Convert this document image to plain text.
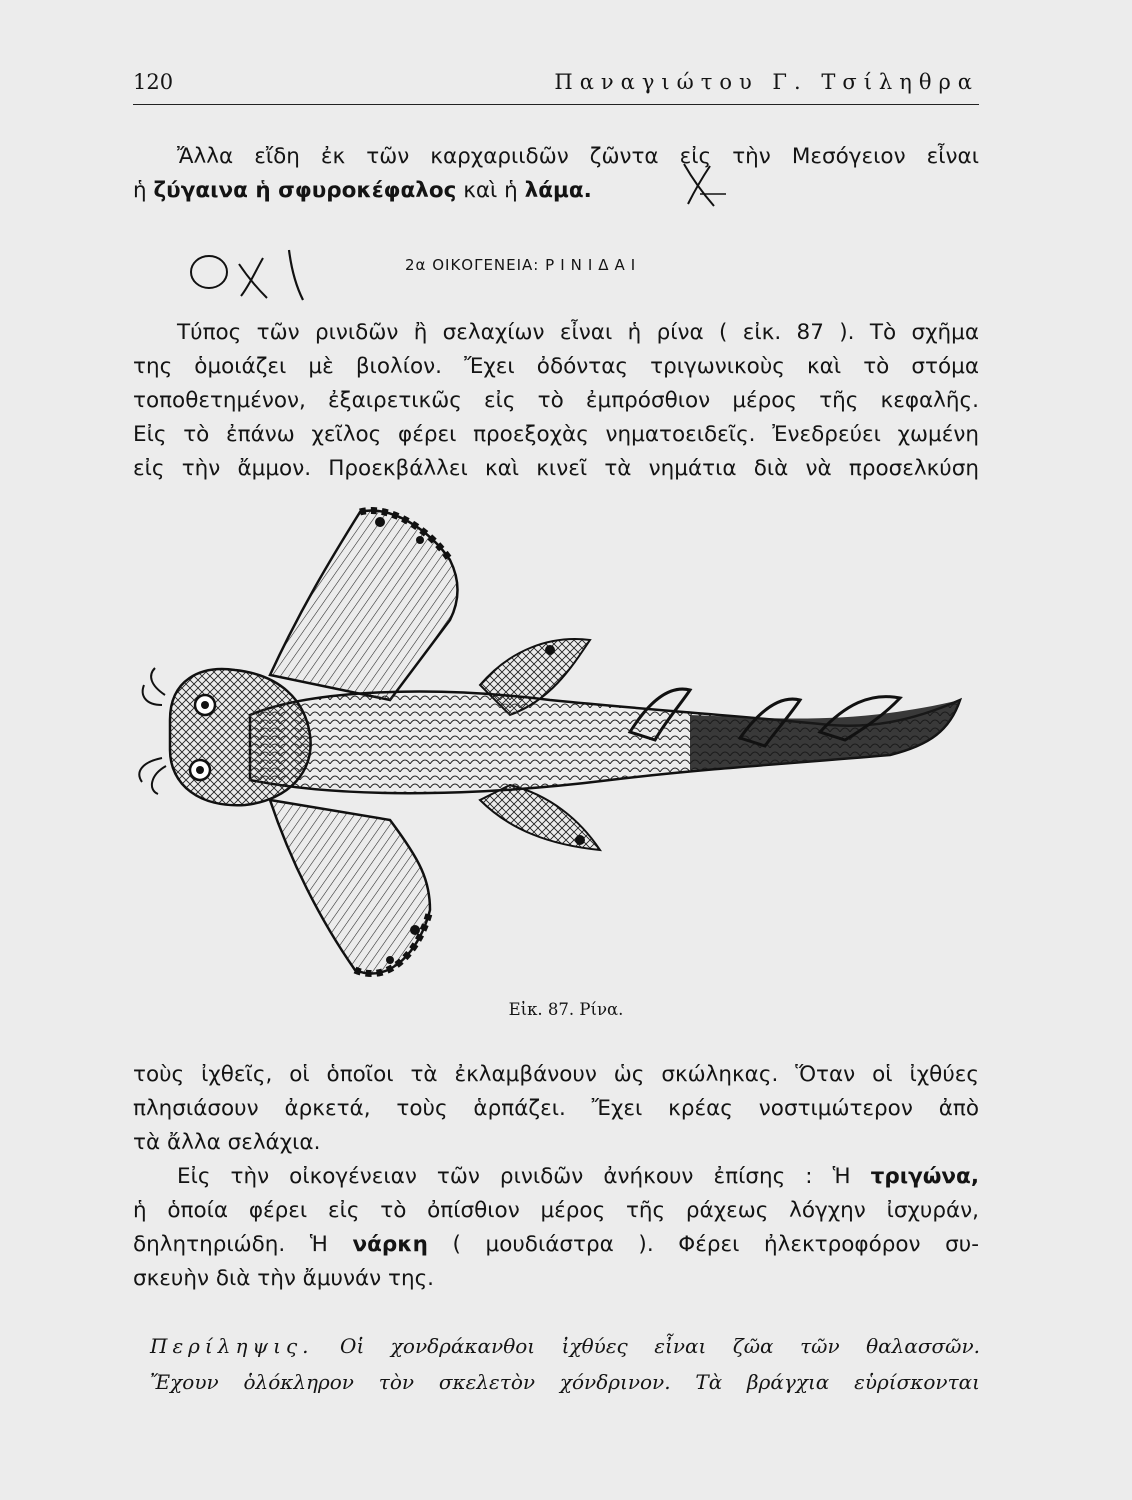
120	Παναγιώτου Γ. Τσίληθρα
Ἄλλα εἴδη ἐκ τῶν καρχαριιδῶν ζῶντα εἰς τὴν Μεσόγειον εἶναι
ἡ ζύγαινα ἡ σφυροκέφαλος καὶ ἡ λάμα.
2α ΟΙΚΟΓΕΝΕΙΑ: ΡΙΝΙΔΑΙ
Τύπος τῶν ρινιδῶν ἢ σελαχίων εἶναι ἡ ρίνα ( εἰκ. 87 ). Τὸ σχῆμα
της ὁμοιάζει μὲ βιολίον. Ἔχει ὀδόντας τριγωνικοὺς καὶ τὸ στόμα
τοποθετημένον, ἐξαιρετικῶς εἰς τὸ ἐμπρόσθιον μέρος τῆς κεφαλῆς.
Εἰς τὸ ἐπάνω χεῖλος φέρει προεξοχὰς νηματοειδεῖς. Ἐνεδρεύει χωμένη
εἰς τὴν ἄμμον. Προεκβάλλει καὶ κινεῖ τὰ νημάτια διὰ νὰ προσελκύση
Εἰκ. 87. Ρίνα.
τοὺς ἰχθεῖς, οἱ ὁποῖοι τὰ ἐκλαμβάνουν ὡς σκώληκας. Ὅταν οἱ ἰχθύες
πλησιάσουν ἀρκετά, τοὺς ἁρπάζει. Ἔχει κρέας νοστιμώτερον ἀπὸ
τὰ ἄλλα σελάχια.
Εἰς τὴν οἰκογένειαν τῶν ρινιδῶν ἀνήκουν ἐπίσης : Ἡ τριγώνα,
ἡ ὁποία φέρει εἰς τὸ ὀπίσθιον μέρος τῆς ράχεως λόγχην ἰσχυράν,
δηλητηριώδη. Ἡ νάρκη ( μουδιάστρα ). Φέρει ἠλεκτροφόρον συ-
σκευὴν διὰ τὴν ἄμυνάν της.
Περίληψις. Οἱ χονδράκανθοι ἰχθύες εἶναι ζῶα τῶν θαλασσῶν.
Ἔχουν ὁλόκληρον τὸν σκελετὸν χόνδρινον. Τὰ βράγχια εὑρίσκονται
